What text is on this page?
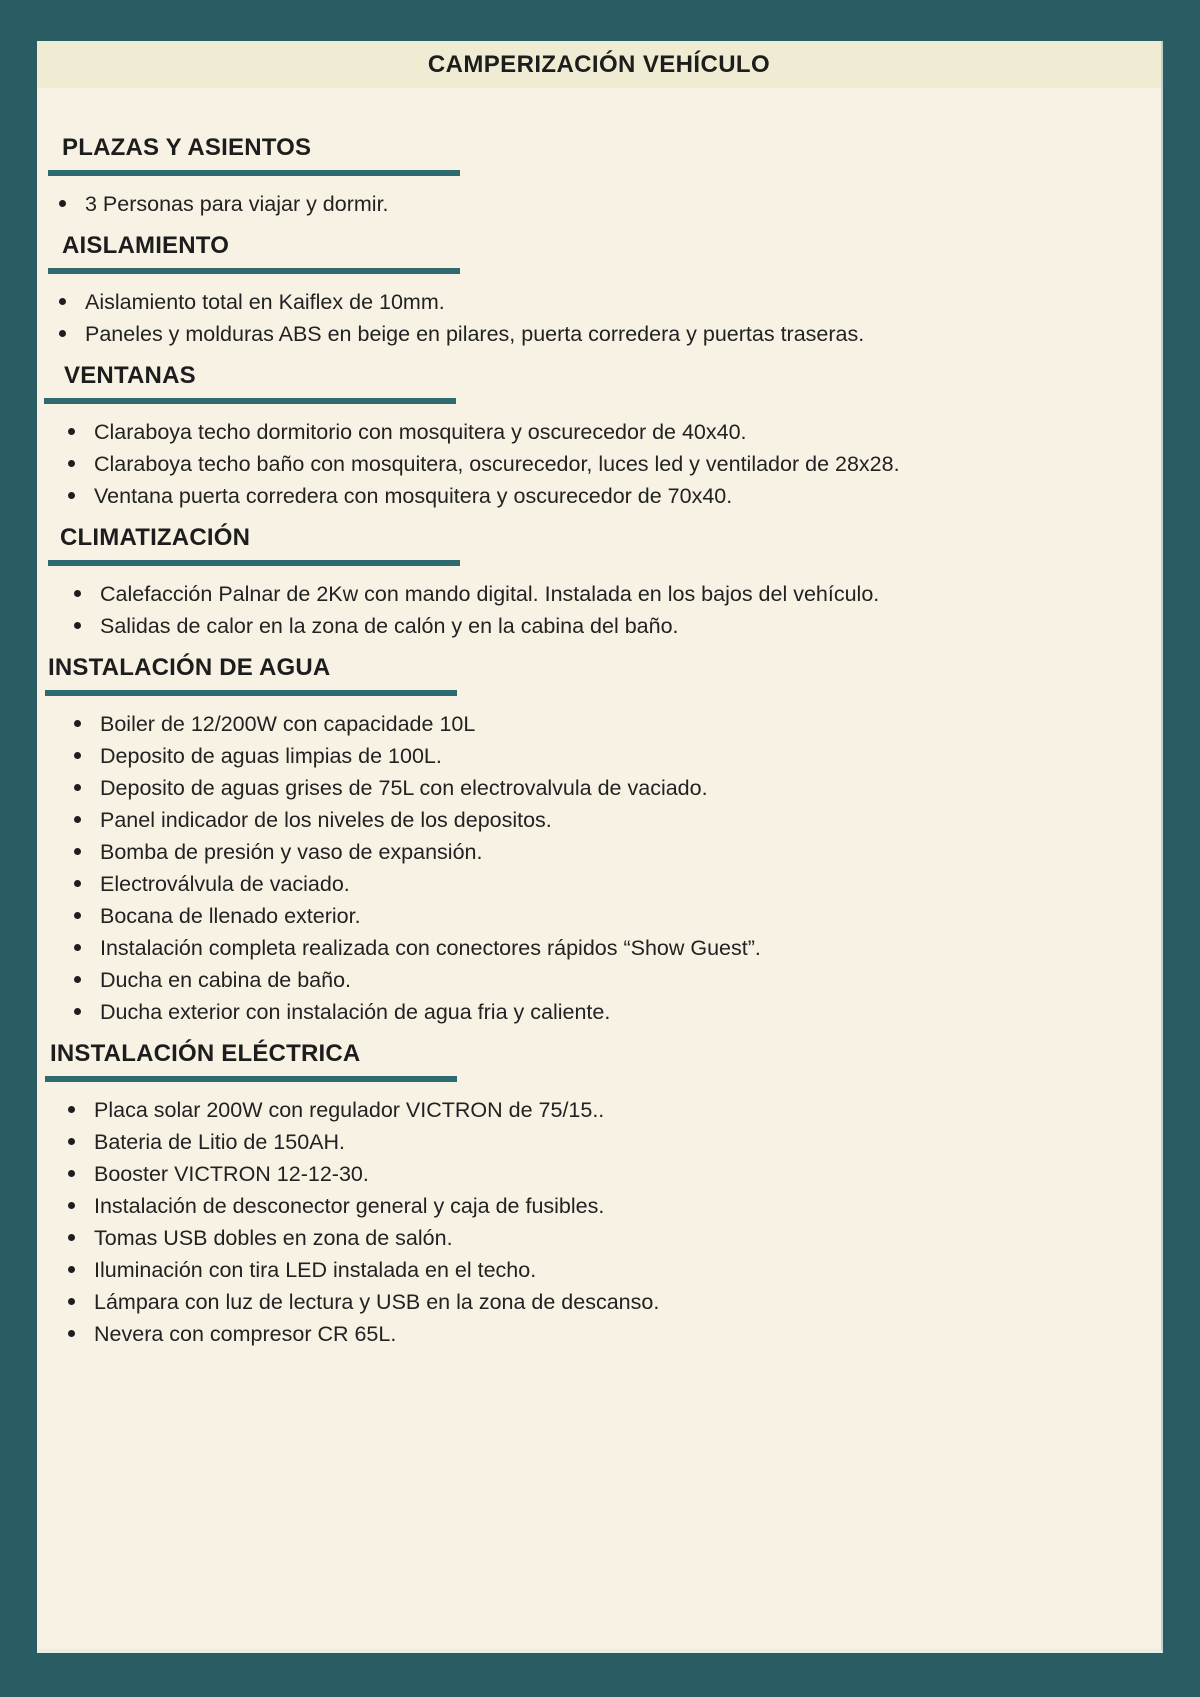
CAMPERIZACIÓN VEHÍCULO
PLAZAS Y ASIENTOS
3 Personas para viajar y dormir.
AISLAMIENTO
Aislamiento total en Kaiflex de 10mm.
Paneles y molduras ABS en beige en pilares, puerta corredera y puertas traseras.
VENTANAS
Claraboya techo dormitorio con mosquitera y oscurecedor de 40x40.
Claraboya techo baño con mosquitera, oscurecedor, luces led y ventilador de 28x28.
Ventana puerta corredera con mosquitera y oscurecedor de 70x40.
CLIMATIZACIÓN
Calefacción Palnar de 2Kw con mando digital. Instalada en los bajos del vehículo.
Salidas de calor en la zona de calón y en la cabina del baño.
INSTALACIÓN DE AGUA
Boiler de 12/200W con capacidade 10L
Deposito de aguas limpias de 100L.
Deposito de aguas grises de 75L con electrovalvula de vaciado.
Panel indicador de los niveles de los depositos.
Bomba de presión y vaso de expansión.
Electroválvula de vaciado.
Bocana de llenado exterior.
Instalación completa realizada con conectores rápidos “Show Guest”.
Ducha en cabina de baño.
Ducha exterior con instalación de agua fria y caliente.
INSTALACIÓN ELÉCTRICA
Placa solar 200W con regulador VICTRON de 75/15..
Bateria de Litio de 150AH.
Booster VICTRON 12-12-30.
Instalación de desconector general y caja de fusibles.
Tomas USB dobles en zona de salón.
Iluminación con tira LED instalada en el techo.
Lámpara con luz de lectura y USB en la zona de descanso.
Nevera con compresor CR 65L.
